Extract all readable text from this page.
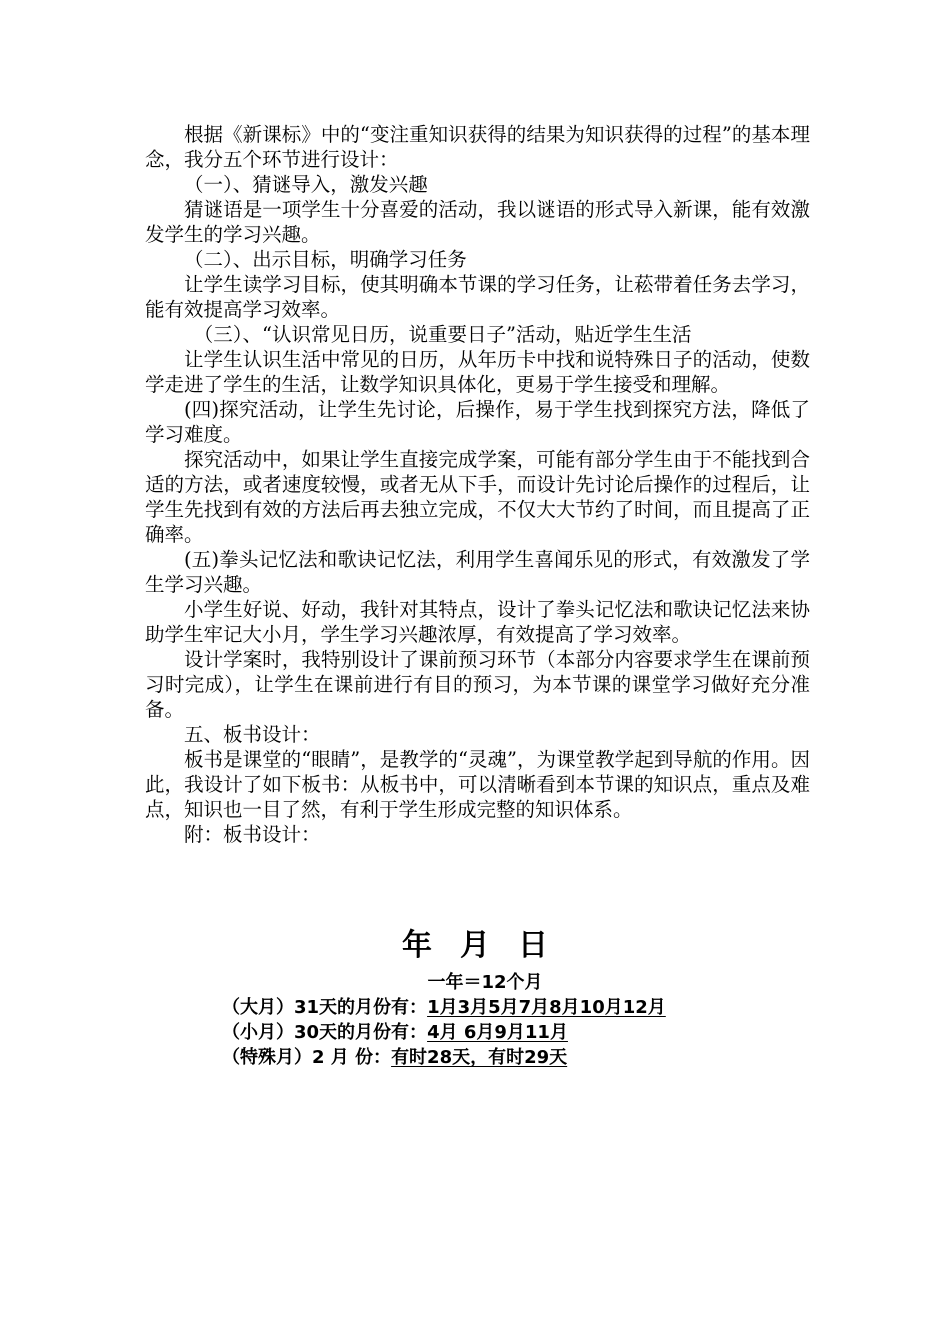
根据《新课标》中的“变注重知识获得的结果为知识获得的过程”的基本理念，我分五个环节进行设计：

（一）、猜谜导入，激发兴趣

猜谜语是一项学生十分喜爱的活动，我以谜语的形式导入新课，能有效激发学生的学习兴趣。

（二）、出示目标，明确学习任务

让学生读学习目标，使其明确本节课的学习任务，让菘带着任务去学习，能有效提高学习效率。

（三）、“认识常见日历，说重要日子”活动，贴近学生生活

让学生认识生活中常见的日历，从年历卡中找和说特殊日子的活动，使数学走进了学生的生活，让数学知识具体化，更易于学生接受和理解。

(四)探究活动，让学生先讨论，后操作，易于学生找到探究方法，降低了学习难度。

探究活动中，如果让学生直接完成学案，可能有部分学生由于不能找到合适的方法，或者速度较慢，或者无从下手，而设计先讨论后操作的过程后，让学生先找到有效的方法后再去独立完成，不仅大大节约了时间，而且提高了正确率。

(五)拳头记忆法和歌诀记忆法，利用学生喜闻乐见的形式，有效激发了学生学习兴趣。

小学生好说、好动，我针对其特点，设计了拳头记忆法和歌诀记忆法来协助学生牢记大小月，学生学习兴趣浓厚，有效提高了学习效率。

设计学案时，我特别设计了课前预习环节（本部分内容要求学生在课前预习时完成），让学生在课前进行有目的预习，为本节课的课堂学习做好充分准备。

五、板书设计：

板书是课堂的“眼睛”，是教学的“灵魂”，为课堂教学起到导航的作用。因此，我设计了如下板书：从板书中，可以清晰看到本节课的知识点，重点及难点，知识也一目了然，有利于学生形成完整的知识体系。

附：板书设计：

年月日

一年＝12个月

（大月）31天的月份有：1月3月5月7月8月10月12月
（小月）30天的月份有：4月 6月9月11月
（特殊月）2 月 份：有时28天，有时29天
